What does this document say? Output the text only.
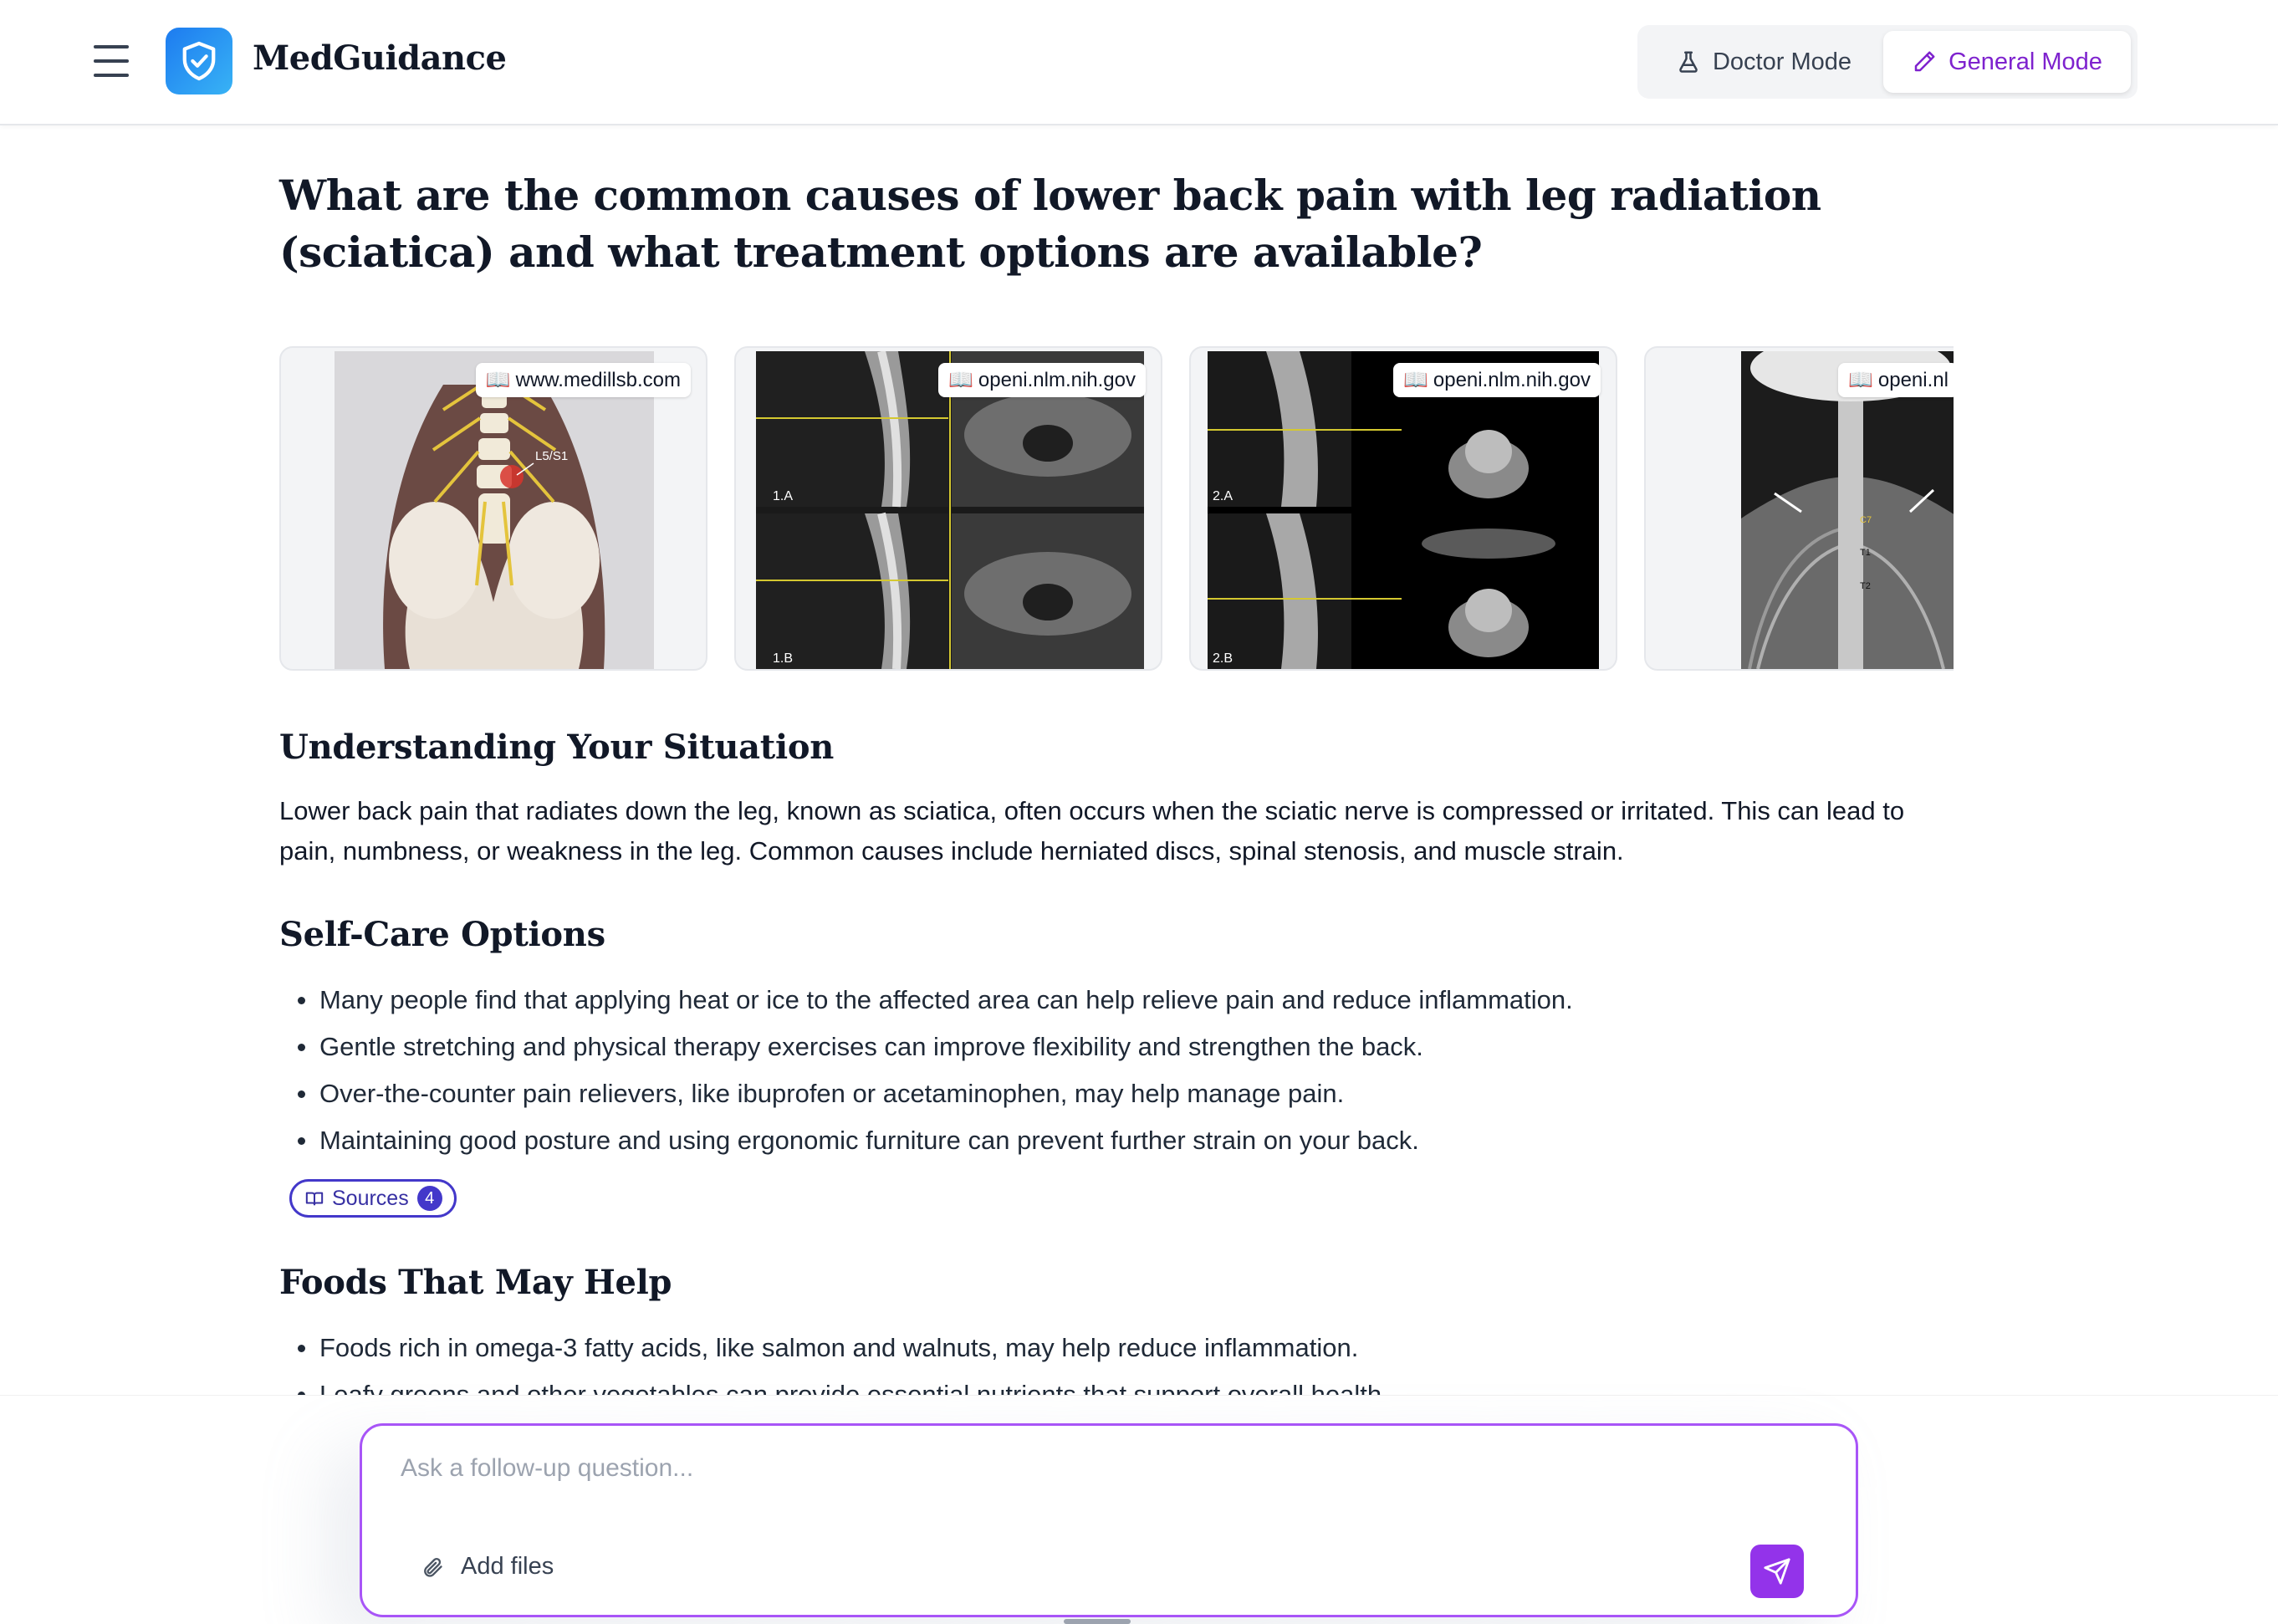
MedGuidance	Doctor Mode	General Mode
What are the common causes of lower back pain with leg radiation (sciatica) and what treatment options are available?
L5/S1
📖 www.medillsb.com
1.A
1.B
📖 openi.nlm.nih.gov
2.A
2.B
📖 openi.nlm.nih.gov
C7
T1
T2
📖 openi.nl
Understanding Your Situation

Lower back pain that radiates down the leg, known as sciatica, often occurs when the sciatic nerve is compressed or irritated. This can lead to pain, numbness, or weakness in the leg. Common causes include herniated discs, spinal stenosis, and muscle strain.

Self-Care Options
Many people find that applying heat or ice to the affected area can help relieve pain and reduce inflammation.
Gentle stretching and physical therapy exercises can improve flexibility and strengthen the back.
Over-the-counter pain relievers, like ibuprofen or acetaminophen, may help manage pain.
Maintaining good posture and using ergonomic furniture can prevent further strain on your back.
Sources 4
Foods That May Help
Foods rich in omega-3 fatty acids, like salmon and walnuts, may help reduce inflammation.
Ask a follow-up question...
Add files
